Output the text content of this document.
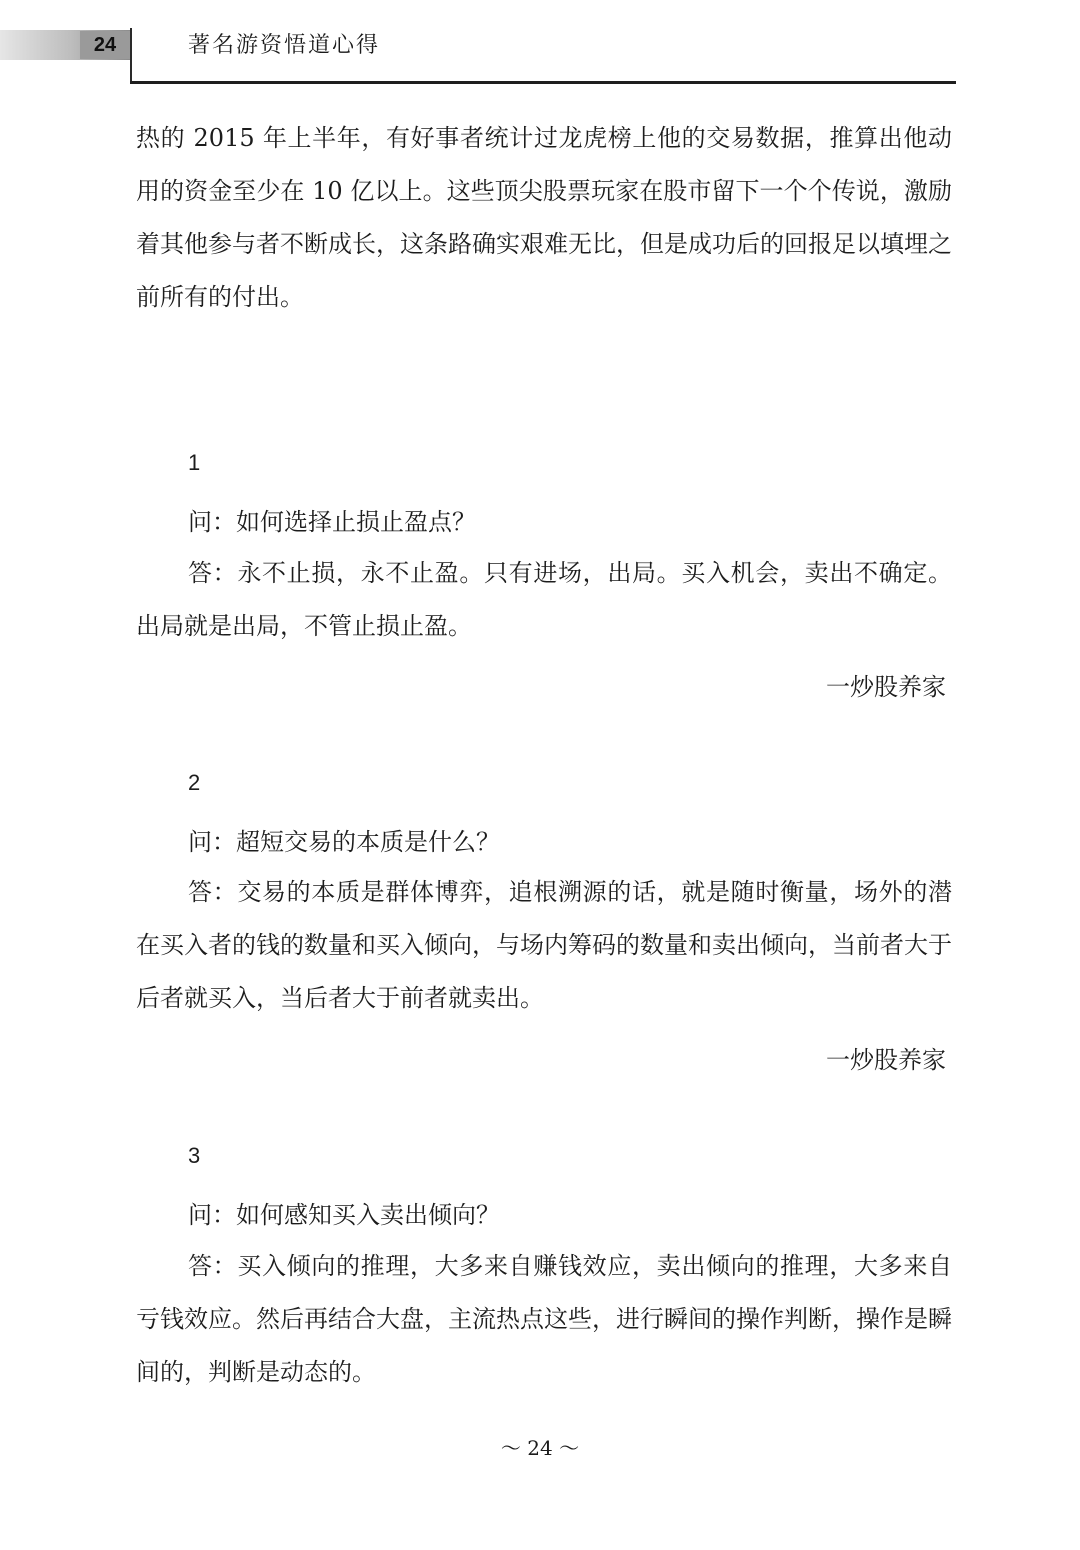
24	著名游资悟道心得

热的 2015 年上半年，有好事者统计过龙虎榜上他的交易数据，推算出他动用的资金至少在 10 亿以上。这些顶尖股票玩家在股市留下一个个传说，激励着其他参与者不断成长，这条路确实艰难无比，但是成功后的回报足以填埋之前所有的付出。

1
问：如何选择止损止盈点？

答：永不止损，永不止盈。只有进场，出局。买入机会，卖出不确定。出局就是出局，不管止损止盈。

一炒股养家
2
问：超短交易的本质是什么？

答：交易的本质是群体博弈，追根溯源的话，就是随时衡量，场外的潜在买入者的钱的数量和买入倾向，与场内筹码的数量和卖出倾向，当前者大于后者就买入，当后者大于前者就卖出。

一炒股养家
3
问：如何感知买入卖出倾向？

答：买入倾向的推理，大多来自赚钱效应，卖出倾向的推理，大多来自亏钱效应。然后再结合大盘，主流热点这些，进行瞬间的操作判断，操作是瞬间的，判断是动态的。

～ 24 ～
